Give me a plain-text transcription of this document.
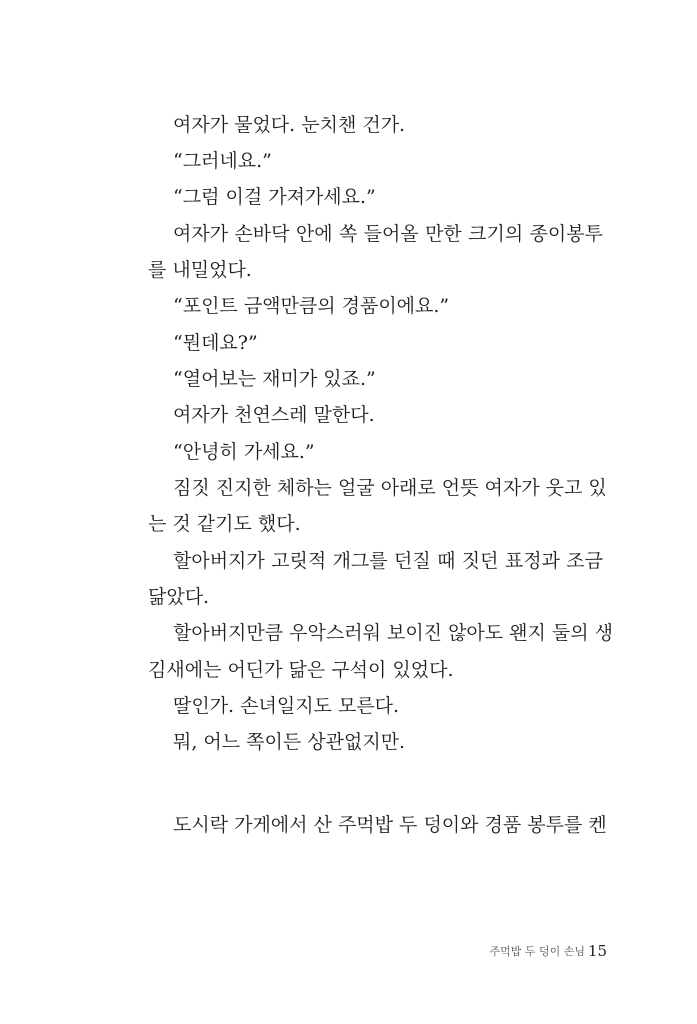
여자가 물었다. 눈치챈 건가.
“그러네요.”
“그럼 이걸 가져가세요.”
여자가 손바닥 안에 쏙 들어올 만한 크기의 종이봉투
를 내밀었다.
“포인트 금액만큼의 경품이에요.”
“뭔데요?”
“열어보는 재미가 있죠.”
여자가 천연스레 말한다.
“안녕히 가세요.”
짐짓 진지한 체하는 얼굴 아래로 언뜻 여자가 웃고 있
는 것 같기도 했다.
할아버지가 고릿적 개그를 던질 때 짓던 표정과 조금
닮았다.
할아버지만큼 우악스러워 보이진 않아도 왠지 둘의 생
김새에는 어딘가 닮은 구석이 있었다.
딸인가. 손녀일지도 모른다.
뭐, 어느 쪽이든 상관없지만.
도시락 가게에서 산 주먹밥 두 덩이와 경품 봉투를 켄
주먹밥 두 덩이 손님 15
